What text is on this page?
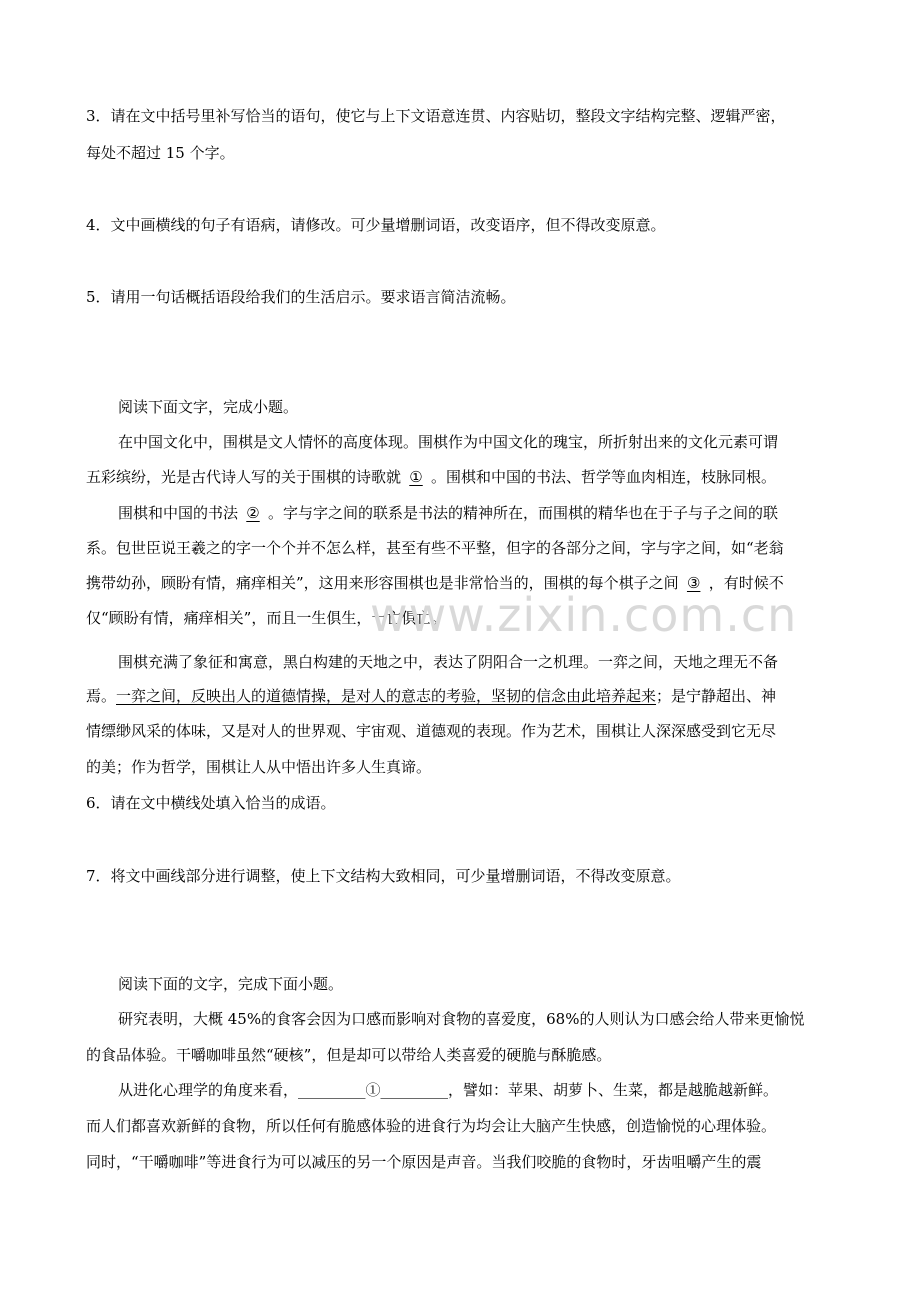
3．请在文中括号里补写恰当的语句，使它与上下文语意连贯、内容贴切，整段文字结构完整、逻辑严密，
每处不超过 15 个字。
4．文中画横线的句子有语病，请修改。可少量增删词语，改变语序，但不得改变原意。
5．请用一句话概括语段给我们的生活启示。要求语言简洁流畅。
阅读下面文字，完成小题。
在中国文化中，围棋是文人情怀的高度体现。围棋作为中国文化的瑰宝，所折射出来的文化元素可谓
五彩缤纷，光是古代诗人写的关于围棋的诗歌就 ① 。围棋和中国的书法、哲学等血肉相连，枝脉同根。
围棋和中国的书法 ② 。字与字之间的联系是书法的精神所在，而围棋的精华也在于子与子之间的联
系。包世臣说王羲之的字一个个并不怎么样，甚至有些不平整，但字的各部分之间，字与字之间，如“老翁
携带幼孙，顾盼有情，痛痒相关”，这用来形容围棋也是非常恰当的，围棋的每个棋子之间 ③ ，有时候不
仅“顾盼有情，痛痒相关”，而且一生俱生，一亡俱亡。
www.zixin.com.cn
围棋充满了象征和寓意，黑白构建的天地之中，表达了阴阳合一之机理。一弈之间，天地之理无不备
焉。一弈之间，反映出人的道德情操，是对人的意志的考验，坚韧的信念由此培养起来；是宁静超出、神
情缥缈风采的体味，又是对人的世界观、宇宙观、道德观的表现。作为艺术，围棋让人深深感受到它无尽
的美；作为哲学，围棋让人从中悟出许多人生真谛。
6．请在文中横线处填入恰当的成语。
7．将文中画线部分进行调整，使上下文结构大致相同，可少量增删词语，不得改变原意。
阅读下面的文字，完成下面小题。
研究表明，大概 45%的食客会因为口感而影响对食物的喜爱度，68%的人则认为口感会给人带来更愉悦
的食品体验。干嚼咖啡虽然“硬核”，但是却可以带给人类喜爱的硬脆与酥脆感。
从进化心理学的角度来看，_________①_________，譬如：苹果、胡萝卜、生菜，都是越脆越新鲜。
而人们都喜欢新鲜的食物，所以任何有脆感体验的进食行为均会让大脑产生快感，创造愉悦的心理体验。
同时，“干嚼咖啡”等进食行为可以减压的另一个原因是声音。当我们咬脆的食物时，牙齿咀嚼产生的震
